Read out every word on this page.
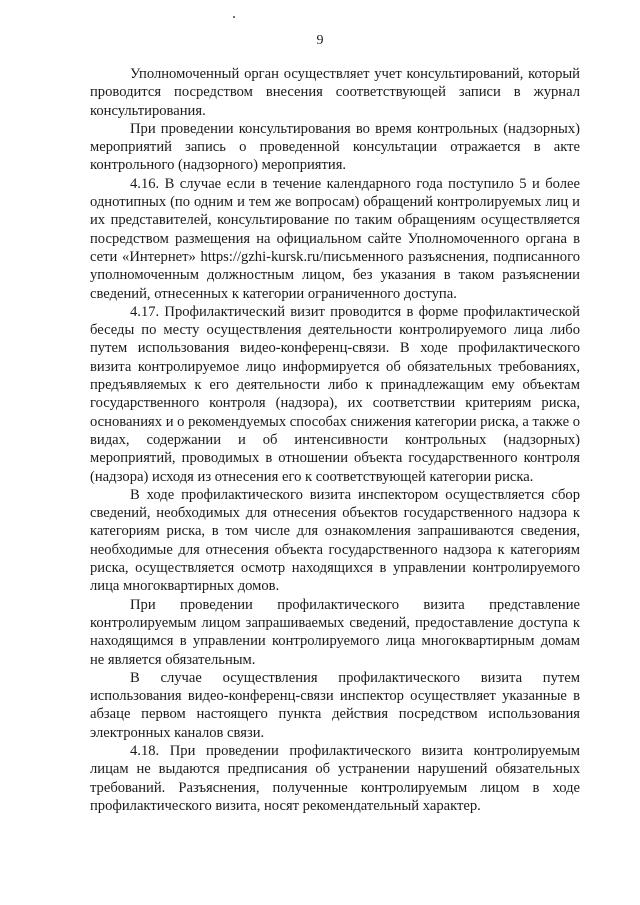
9

Уполномоченный орган осуществляет учет консультирований, который проводится посредством внесения соответствующей записи в журнал консультирования.

При проведении консультирования во время контрольных (надзорных) мероприятий запись о проведенной консультации отражается в акте контрольного (надзорного) мероприятия.

4.16. В случае если в течение календарного года поступило 5 и более однотипных (по одним и тем же вопросам) обращений контролируемых лиц и их представителей, консультирование по таким обращениям осуществляется посредством размещения на официальном сайте Уполномоченного органа в сети «Интернет» https://gzhi-kursk.ru/письменного разъяснения, подписанного уполномоченным должностным лицом, без указания в таком разъяснении сведений, отнесенных к категории ограниченного доступа.

4.17. Профилактический визит проводится в форме профилактической беседы по месту осуществления деятельности контролируемого лица либо путем использования видео-конференц-связи. В ходе профилактического визита контролируемое лицо информируется об обязательных требованиях, предъявляемых к его деятельности либо к принадлежащим ему объектам государственного контроля (надзора), их соответствии критериям риска, основаниях и о рекомендуемых способах снижения категории риска, а также о видах, содержании и об интенсивности контрольных (надзорных) мероприятий, проводимых в отношении объекта государственного контроля (надзора) исходя из отнесения его к соответствующей категории риска.

В ходе профилактического визита инспектором осуществляется сбор сведений, необходимых для отнесения объектов государственного надзора к категориям риска, в том числе для ознакомления запрашиваются сведения, необходимые для отнесения объекта государственного надзора к категориям риска, осуществляется осмотр находящихся в управлении контролируемого лица многоквартирных домов.

При проведении профилактического визита представление контролируемым лицом запрашиваемых сведений, предоставление доступа к находящимся в управлении контролируемого лица многоквартирным домам не является обязательным.

В случае осуществления профилактического визита путем использования видео-конференц-связи инспектор осуществляет указанные в абзаце первом настоящего пункта действия посредством использования электронных каналов связи.

4.18. При проведении профилактического визита контролируемым лицам не выдаются предписания об устранении нарушений обязательных требований. Разъяснения, полученные контролируемым лицом в ходе профилактического визита, носят рекомендательный характер.
